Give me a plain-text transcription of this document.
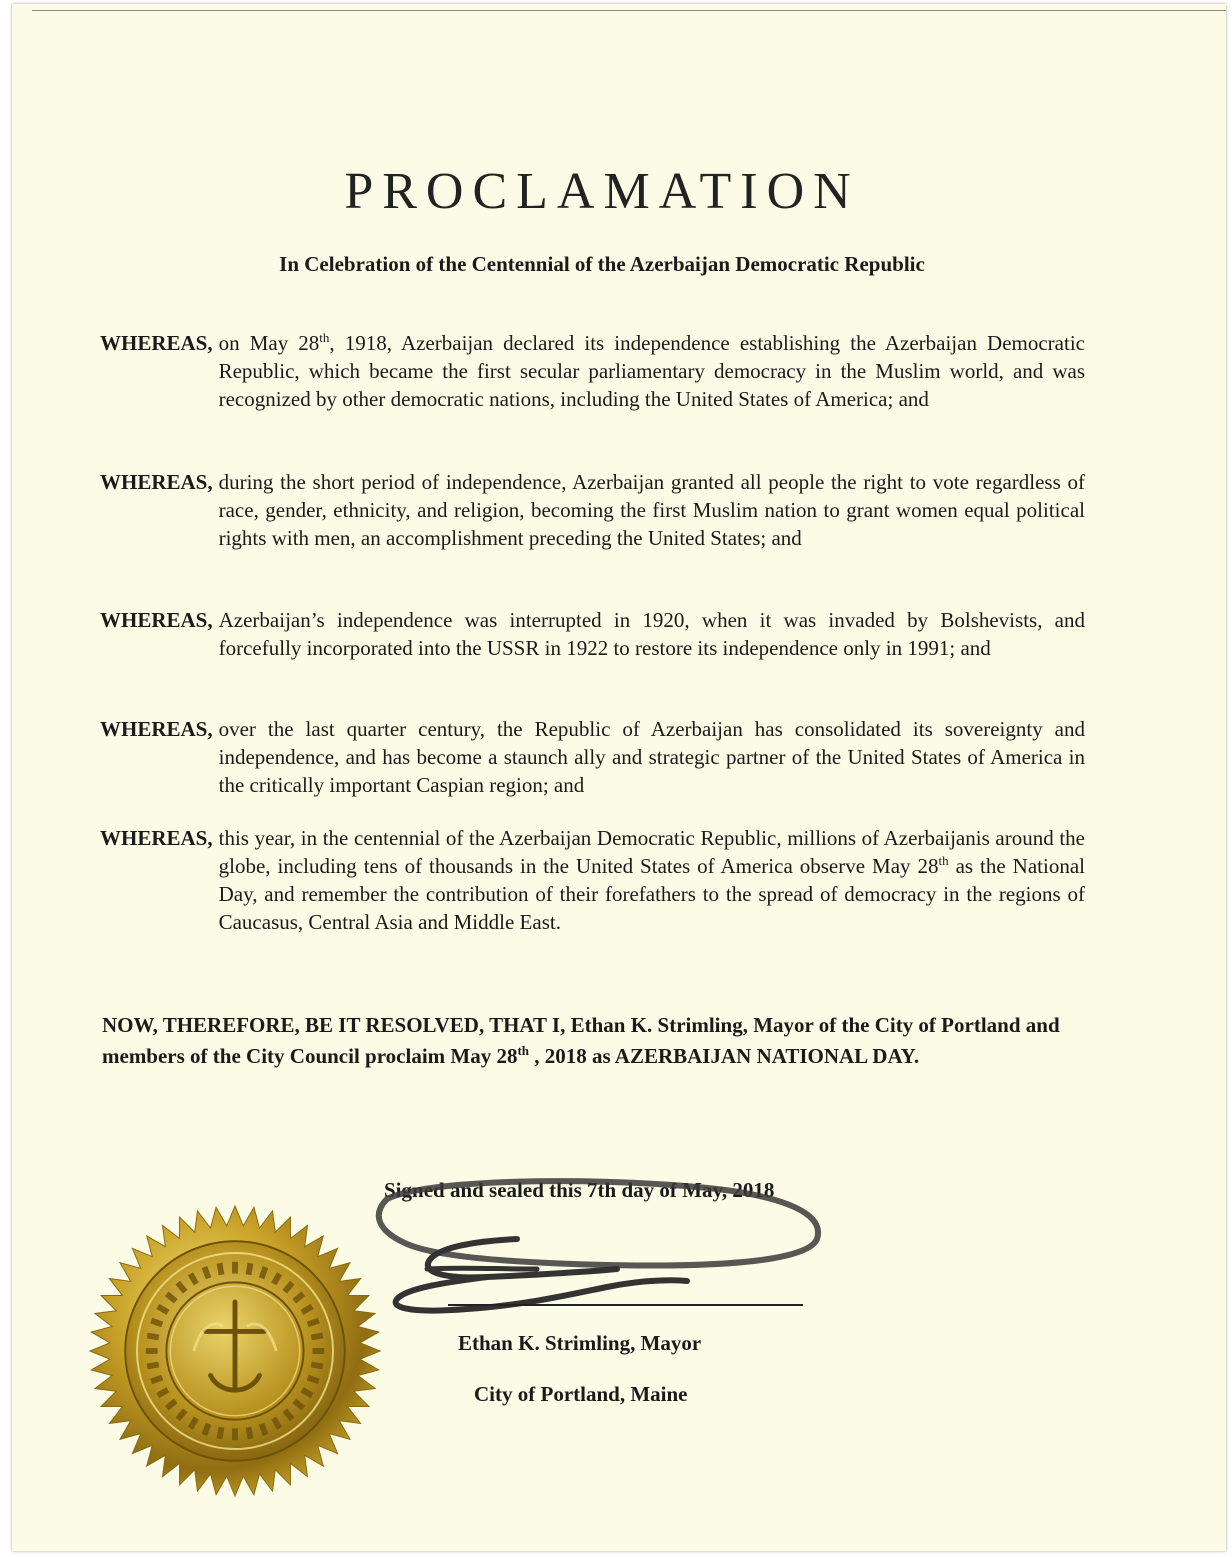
PROCLAMATION
In Celebration of the Centennial of the Azerbaijan Democratic Republic
WHEREAS, on May 28th, 1918, Azerbaijan declared its independence establishing the Azerbaijan Democratic Republic, which became the first secular parliamentary democracy in the Muslim world, and was recognized by other democratic nations, including the United States of America; and
WHEREAS, during the short period of independence, Azerbaijan granted all people the right to vote regardless of race, gender, ethnicity, and religion, becoming the first Muslim nation to grant women equal political rights with men, an accomplishment preceding the United States; and
WHEREAS, Azerbaijan’s independence was interrupted in 1920, when it was invaded by Bolshevists, and forcefully incorporated into the USSR in 1922 to restore its independence only in 1991; and
WHEREAS, over the last quarter century, the Republic of Azerbaijan has consolidated its sovereignty and independence, and has become a staunch ally and strategic partner of the United States of America in the critically important Caspian region; and
WHEREAS, this year, in the centennial of the Azerbaijan Democratic Republic, millions of Azerbaijanis around the globe, including tens of thousands in the United States of America observe May 28th as the National Day, and remember the contribution of their forefathers to the spread of democracy in the regions of Caucasus, Central Asia and Middle East.
NOW, THEREFORE, BE IT RESOLVED, THAT I, Ethan K. Strimling, Mayor of the City of Portland and members of the City Council proclaim May 28th , 2018 as AZERBAIJAN NATIONAL DAY.
Signed and sealed this 7th day of May, 2018
Ethan K. Strimling, Mayor
City of Portland, Maine
